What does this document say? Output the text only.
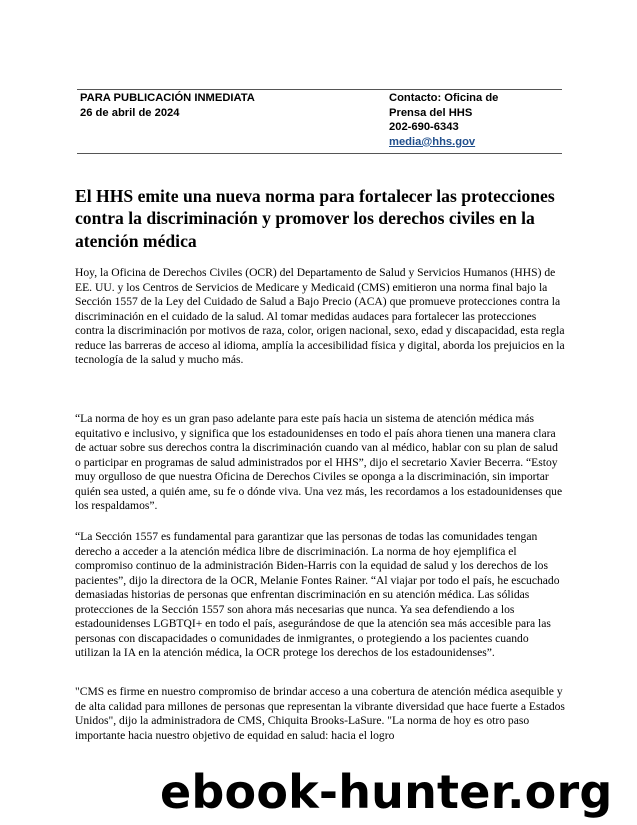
PARA PUBLICACIÓN INMEDIATA
26 de abril de 2024
Contacto: Oficina de
Prensa del HHS
202-690-6343
media@hhs.gov
El HHS emite una nueva norma para fortalecer las protecciones contra la discriminación y promover los derechos civiles en la atención médica

Hoy, la Oficina de Derechos Civiles (OCR) del Departamento de Salud y Servicios Humanos (HHS) de EE. UU. y los Centros de Servicios de Medicare y Medicaid (CMS) emitieron una norma final bajo la Sección 1557 de la Ley del Cuidado de Salud a Bajo Precio (ACA) que promueve protecciones contra la discriminación en el cuidado de la salud. Al tomar medidas audaces para fortalecer las protecciones contra la discriminación por motivos de raza, color, origen nacional, sexo, edad y discapacidad, esta regla reduce las barreras de acceso al idioma, amplía la accesibilidad física y digital, aborda los prejuicios en la tecnología de la salud y mucho más.

“La norma de hoy es un gran paso adelante para este país hacia un sistema de atención médica más equitativo e inclusivo, y significa que los estadounidenses en todo el país ahora tienen una manera clara de actuar sobre sus derechos contra la discriminación cuando van al médico, hablar con su plan de salud o participar en programas de salud administrados por el HHS”, dijo el secretario Xavier Becerra. “Estoy muy orgulloso de que nuestra Oficina de Derechos Civiles se oponga a la discriminación, sin importar quién sea usted, a quién ame, su fe o dónde viva. Una vez más, les recordamos a los estadounidenses que los respaldamos”.

“La Sección 1557 es fundamental para garantizar que las personas de todas las comunidades tengan derecho a acceder a la atención médica libre de discriminación. La norma de hoy ejemplifica el compromiso continuo de la administración Biden-Harris con la equidad de salud y los derechos de los pacientes”, dijo la directora de la OCR, Melanie Fontes Rainer. “Al viajar por todo el país, he escuchado demasiadas historias de personas que enfrentan discriminación en su atención médica. Las sólidas protecciones de la Sección 1557 son ahora más necesarias que nunca. Ya sea defendiendo a los estadounidenses LGBTQI+ en todo el país, asegurándose de que la atención sea más accesible para las personas con discapacidades o comunidades de inmigrantes, o protegiendo a los pacientes cuando utilizan la IA en la atención médica, la OCR protege los derechos de los estadounidenses”.

"CMS es firme en nuestro compromiso de brindar acceso a una cobertura de atención médica asequible y de alta calidad para millones de personas que representan la vibrante diversidad que hace fuerte a Estados Unidos", dijo la administradora de CMS, Chiquita Brooks-LaSure. "La norma de hoy es otro paso importante hacia nuestro objetivo de equidad en salud: hacia el logro

ebook-hunter.org
